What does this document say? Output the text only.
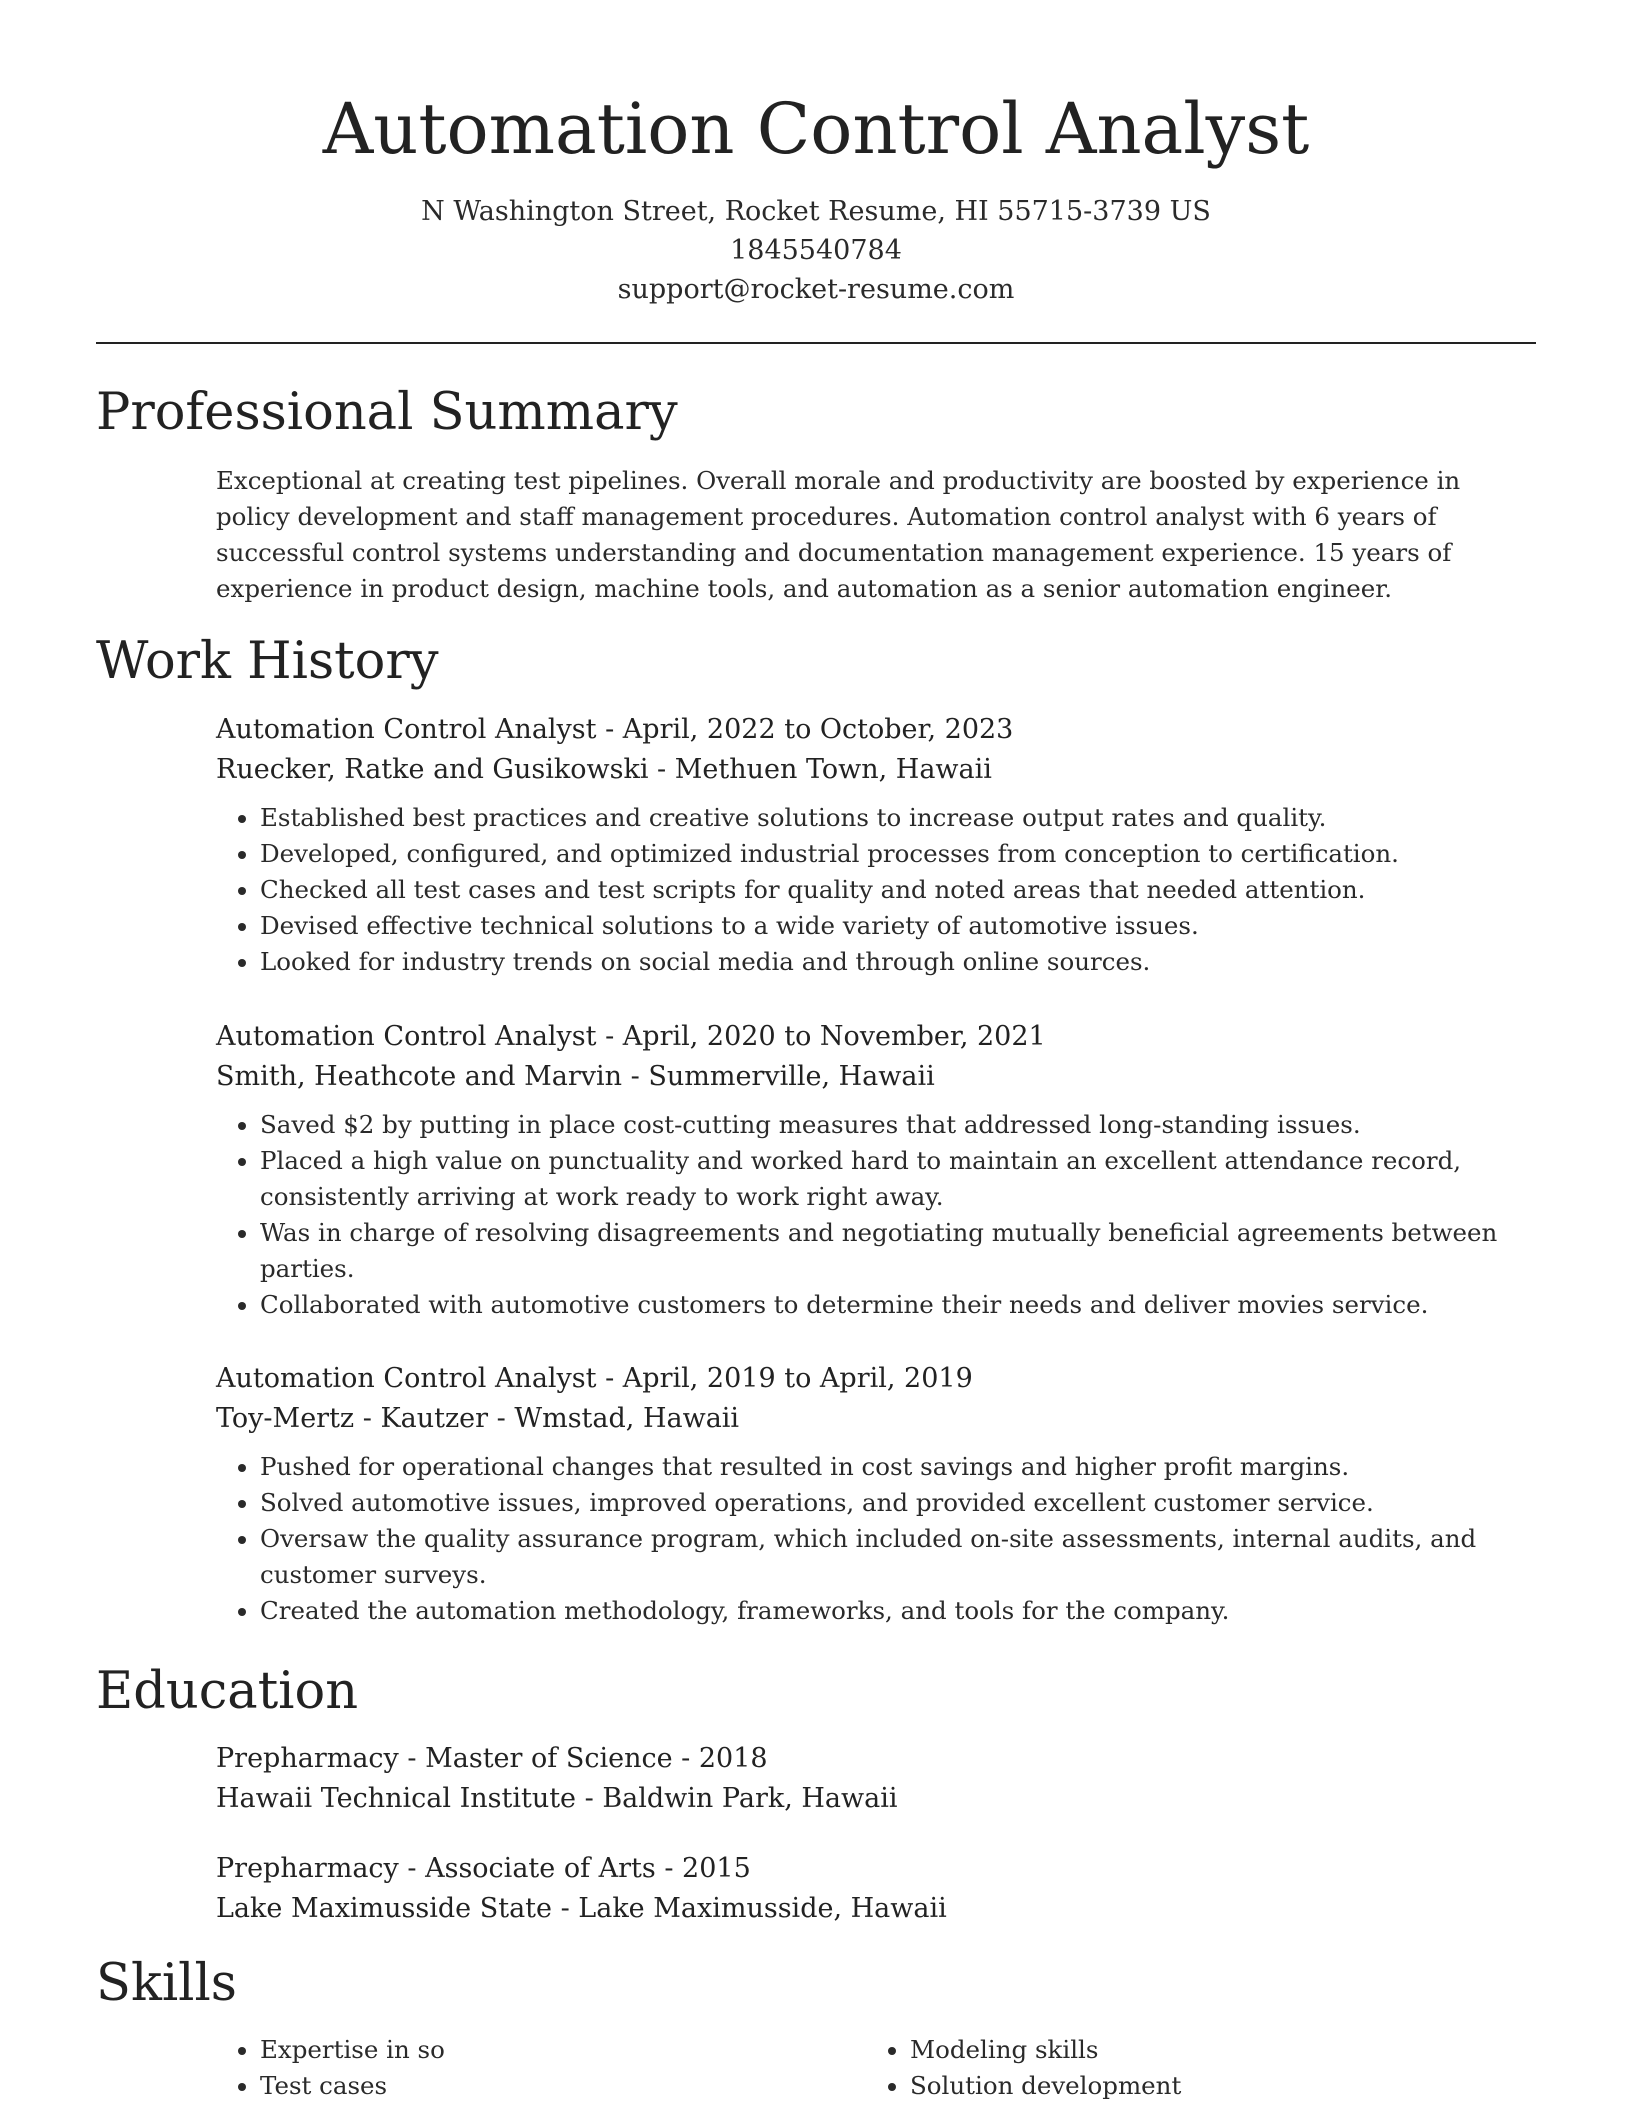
Automation Control Analyst
N Washington Street, Rocket Resume, HI 55715-3739 US
1845540784
support@rocket-resume.com
Professional Summary
Exceptional at creating test pipelines. Overall morale and productivity are boosted by experience in policy development and staff management procedures. Automation control analyst with 6 years of successful control systems understanding and documentation management experience. 15 years of experience in product design, machine tools, and automation as a senior automation engineer.
Work History
Automation Control Analyst - April, 2022 to October, 2023
Ruecker, Ratke and Gusikowski - Methuen Town, Hawaii
• Established best practices and creative solutions to increase output rates and quality.
• Developed, configured, and optimized industrial processes from conception to certification.
• Checked all test cases and test scripts for quality and noted areas that needed attention.
• Devised effective technical solutions to a wide variety of automotive issues.
• Looked for industry trends on social media and through online sources.
Automation Control Analyst - April, 2020 to November, 2021
Smith, Heathcote and Marvin - Summerville, Hawaii
• Saved $2 by putting in place cost-cutting measures that addressed long-standing issues.
• Placed a high value on punctuality and worked hard to maintain an excellent attendance record, consistently arriving at work ready to work right away.
• Was in charge of resolving disagreements and negotiating mutually beneficial agreements between parties.
• Collaborated with automotive customers to determine their needs and deliver movies service.
Automation Control Analyst - April, 2019 to April, 2019
Toy-Mertz - Kautzer - Wmstad, Hawaii
• Pushed for operational changes that resulted in cost savings and higher profit margins.
• Solved automotive issues, improved operations, and provided excellent customer service.
• Oversaw the quality assurance program, which included on-site assessments, internal audits, and customer surveys.
• Created the automation methodology, frameworks, and tools for the company.
Education
Prepharmacy - Master of Science - 2018
Hawaii Technical Institute - Baldwin Park, Hawaii
Prepharmacy - Associate of Arts - 2015
Lake Maximusside State - Lake Maximusside, Hawaii
Skills
• Expertise in so
• Test cases
• Modeling skills
• Solution development
